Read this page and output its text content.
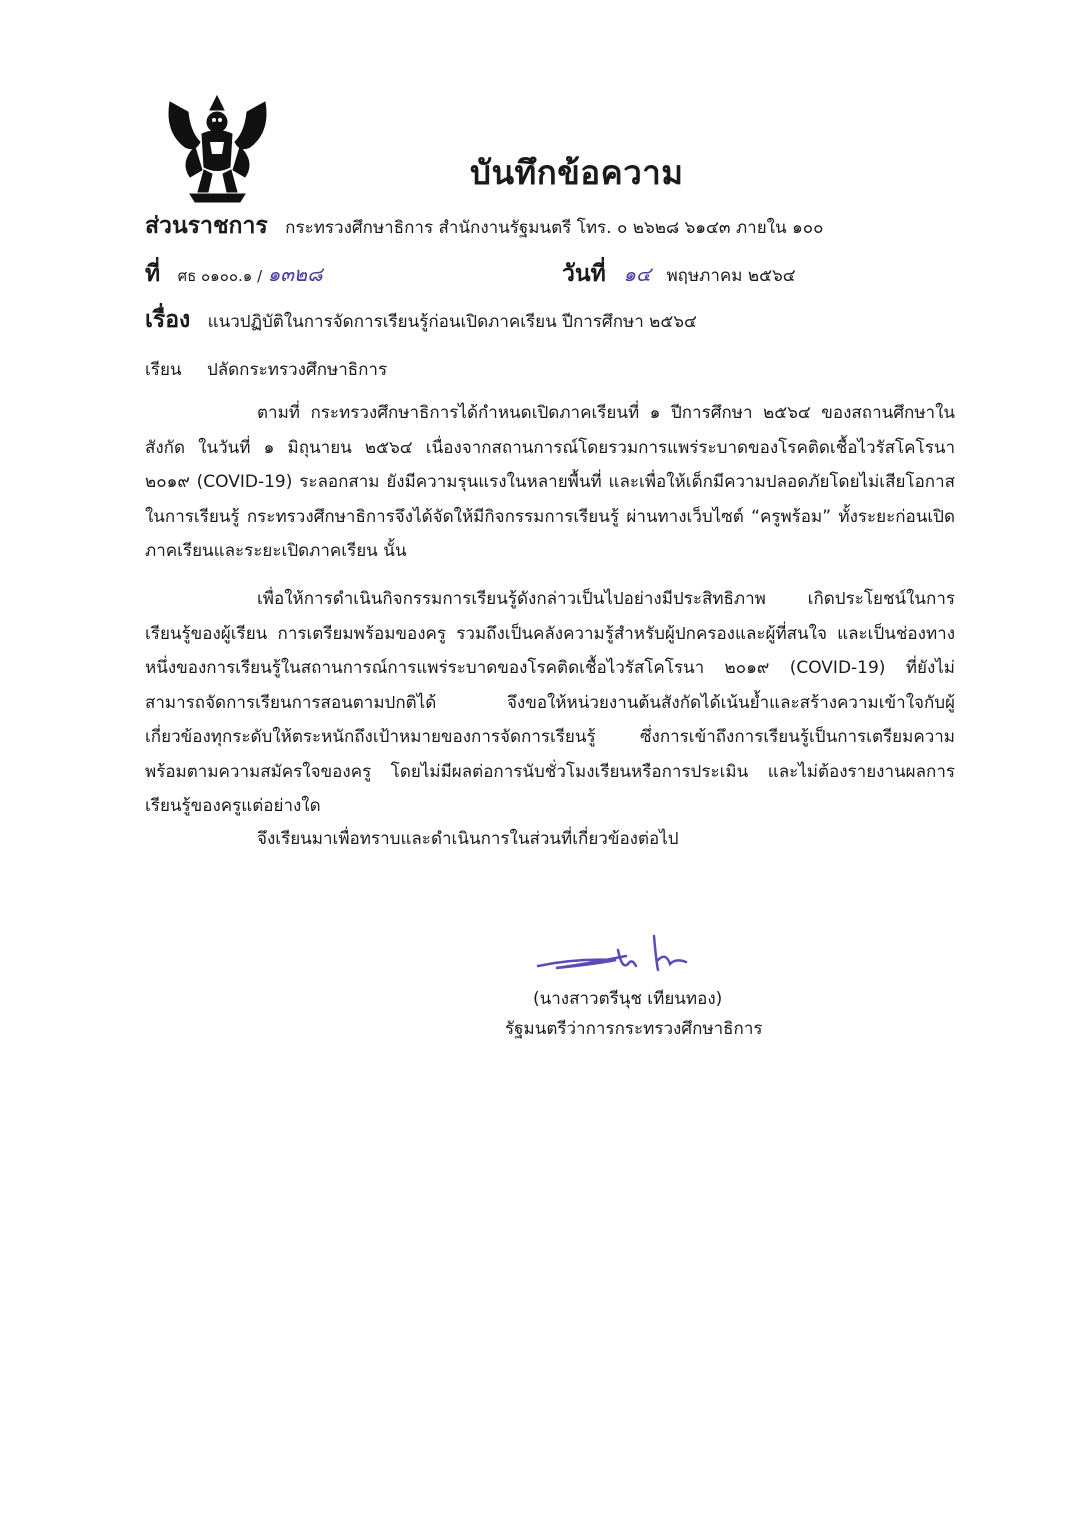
บันทึกข้อความ
ส่วนราชการ กระทรวงศึกษาธิการ สำนักงานรัฐมนตรี โทร. ๐ ๒๖๒๘ ๖๑๔๓ ภายใน ๑๐๐
ที่ ศธ ๐๑๐๐.๑ / ๑๓๒๘	วันที่ ๑๔ พฤษภาคม ๒๕๖๔
เรื่อง แนวปฏิบัติในการจัดการเรียนรู้ก่อนเปิดภาคเรียน ปีการศึกษา ๒๕๖๔
เรียน ปลัดกระทรวงศึกษาธิการ

ตามที่ กระทรวงศึกษาธิการได้กำหนดเปิดภาคเรียนที่ ๑ ปีการศึกษา ๒๕๖๔ ของสถานศึกษาในสังกัด ในวันที่ ๑ มิถุนายน ๒๕๖๔ เนื่องจากสถานการณ์โดยรวมการแพร่ระบาดของโรคติดเชื้อไวรัสโคโรนา ๒๐๑๙ (COVID-19) ระลอกสาม ยังมีความรุนแรงในหลายพื้นที่ และเพื่อให้เด็กมีความปลอดภัยโดยไม่เสียโอกาสในการเรียนรู้ กระทรวงศึกษาธิการจึงได้จัดให้มีกิจกรรมการเรียนรู้ ผ่านทางเว็บไซต์ “ครูพร้อม” ทั้งระยะก่อนเปิดภาคเรียนและระยะเปิดภาคเรียน นั้น

เพื่อให้การดำเนินกิจกรรมการเรียนรู้ดังกล่าวเป็นไปอย่างมีประสิทธิภาพ เกิดประโยชน์ในการเรียนรู้ของผู้เรียน การเตรียมพร้อมของครู รวมถึงเป็นคลังความรู้สำหรับผู้ปกครองและผู้ที่สนใจ และเป็นช่องทางหนึ่งของการเรียนรู้ในสถานการณ์การแพร่ระบาดของโรคติดเชื้อไวรัสโคโรนา ๒๐๑๙ (COVID-19) ที่ยังไม่สามารถจัดการเรียนการสอนตามปกติได้ จึงขอให้หน่วยงานต้นสังกัดได้เน้นย้ำและสร้างความเข้าใจกับผู้เกี่ยวข้องทุกระดับให้ตระหนักถึงเป้าหมายของการจัดการเรียนรู้ ซึ่งการเข้าถึงการเรียนรู้เป็นการเตรียมความพร้อมตามความสมัครใจของครู โดยไม่มีผลต่อการนับชั่วโมงเรียนหรือการประเมิน และไม่ต้องรายงานผลการเรียนรู้ของครูแต่อย่างใด

จึงเรียนมาเพื่อทราบและดำเนินการในส่วนที่เกี่ยวข้องต่อไป

(นางสาวตรีนุช เทียนทอง)
รัฐมนตรีว่าการกระทรวงศึกษาธิการ
